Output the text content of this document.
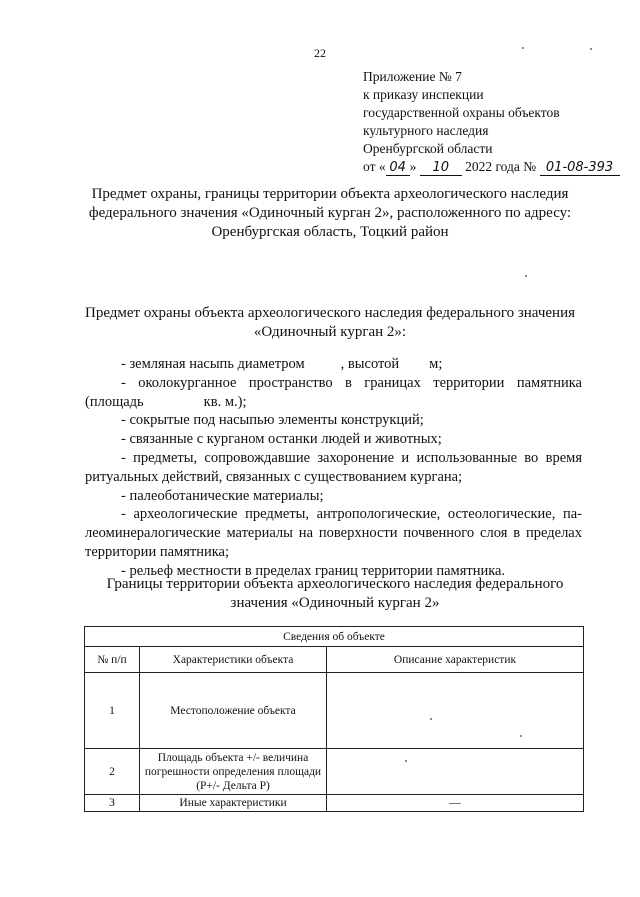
22
Приложение № 7
к приказу инспекции
государственной охраны объектов
культурного наследия
Оренбургской области
от « 04 » 10 2022 года № 01-08-393
Предмет охраны, границы территории объекта археологического наследия
федерального значения «Одиночный курган 2», расположенного по адресу:
Оренбургская область, Тоцкий район
Предмет охраны объекта археологического наследия федерального значения
«Одиночный курган 2»:

- земляная насыпь диаметром , высотой м;

- околокурганное пространство в границах территории памятника (площадь	кв. м.);

- сокрытые под насыпью элементы конструкций;

- связанные с курганом останки людей и животных;

- предметы, сопровождавшие захоронение и использованные во время ритуальных действий, связанных с существованием кургана;

- палеоботанические материалы;

- археологические предметы, антропологические, остеологические, па-леоминералогические материалы на поверхности почвенного слоя в пределах территории памятника;

- рельеф местности в пределах границ территории памятника.

Границы территории объекта археологического наследия федерального
значения «Одиночный курган 2»
Сведения об объекте		
№ п/п	Характеристики объекта	Описание характеристик
1	Местоположение объекта	
2	Площадь объекта +/- величина погрешности определения площади (Р+/- Дельта Р)	
3	Иные характеристики	—
